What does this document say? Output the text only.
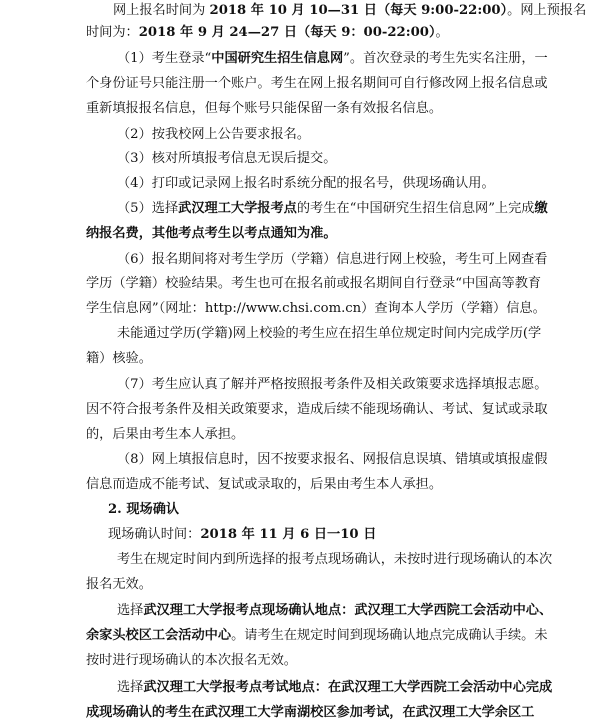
网上报名时间为 2018 年 10 月 10—31 日（每天 9:00-22:00）。网上预报名
时间为：2018 年 9 月 24—27 日（每天 9：00-22:00）。
（1）考生登录“中国研究生招生信息网”。首次登录的考生先实名注册，一
个身份证号只能注册一个账户。考生在网上报名期间可自行修改网上报名信息或
重新填报报名信息，但每个账号只能保留一条有效报名信息。
（2）按我校网上公告要求报名。
（3）核对所填报考信息无误后提交。
（4）打印或记录网上报名时系统分配的报名号，供现场确认用。
（5）选择武汉理工大学报考点的考生在“中国研究生招生信息网”上完成缴
纳报名费，其他考点考生以考点通知为准。
（6）报名期间将对考生学历（学籍）信息进行网上校验，考生可上网查看
学历（学籍）校验结果。考生也可在报名前或报名期间自行登录“中国高等教育
学生信息网”（网址：http://www.chsi.com.cn）查询本人学历（学籍）信息。
未能通过学历(学籍)网上校验的考生应在招生单位规定时间内完成学历(学
籍）核验。
（7）考生应认真了解并严格按照报考条件及相关政策要求选择填报志愿。
因不符合报考条件及相关政策要求，造成后续不能现场确认、考试、复试或录取
的，后果由考生本人承担。
（8）网上填报信息时，因不按要求报名、网报信息误填、错填或填报虚假
信息而造成不能考试、复试或录取的，后果由考生本人承担。
2. 现场确认
现场确认时间：2018 年 11 月 6 日一10 日
考生在规定时间内到所选择的报考点现场确认，未按时进行现场确认的本次
报名无效。
选择武汉理工大学报考点现场确认地点：武汉理工大学西院工会活动中心、
余家头校区工会活动中心。请考生在规定时间到现场确认地点完成确认手续。未
按时进行现场确认的本次报名无效。
选择武汉理工大学报考点考试地点：在武汉理工大学西院工会活动中心完成
成现场确认的考生在武汉理工大学南湖校区参加考试，在武汉理工大学余区工
